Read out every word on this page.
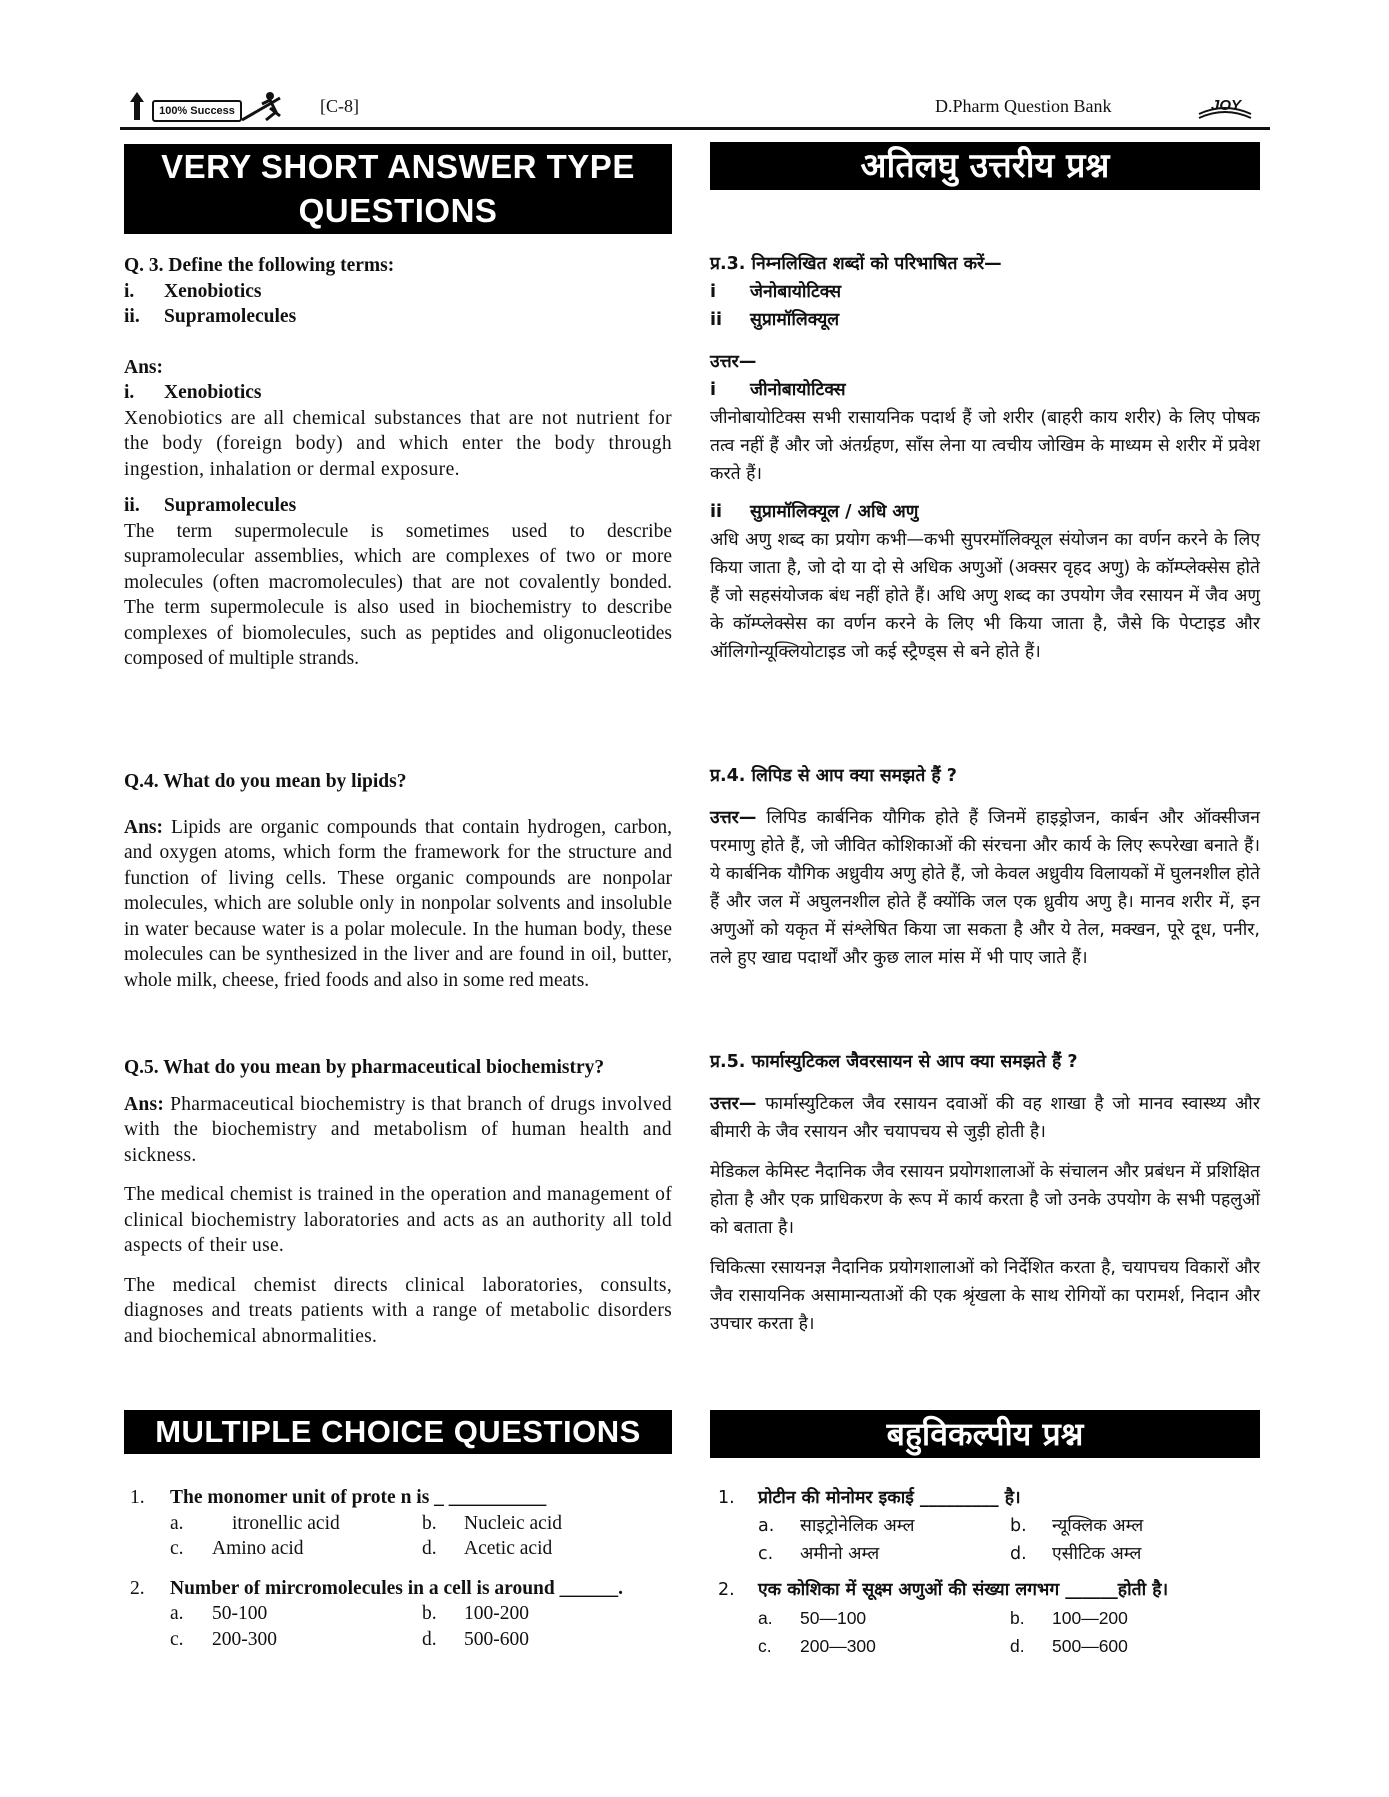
100% Success	[C-8]	D.Pharm Question Bank	JOY
VERY SHORT ANSWER TYPE
QUESTIONS

Q. 3. Define the following terms:

i.	Xenobiotics
ii.	Supramolecules

Ans:

i.	Xenobiotics

Xenobiotics are all chemical substances that are not nutrient for the body (foreign body) and which enter the body through ingestion, inhalation or dermal exposure.

ii.	Supramolecules

The term supermolecule is sometimes used to describe supramolecular assemblies, which are complexes of two or more molecules (often macromolecules) that are not covalently bonded. The term supermolecule is also used in biochemistry to describe complexes of biomolecules, such as peptides and oligonucleotides composed of multiple strands.

Q.4. What do you mean by lipids?

Ans: Lipids are organic compounds that contain hydrogen, carbon, and oxygen atoms, which form the framework for the structure and function of living cells. These organic compounds are nonpolar molecules, which are soluble only in nonpolar solvents and insoluble in water because water is a polar molecule. In the human body, these molecules can be synthesized in the liver and are found in oil, butter, whole milk, cheese, fried foods and also in some red meats.

Q.5. What do you mean by pharmaceutical biochemistry?

Ans: Pharmaceutical biochemistry is that branch of drugs involved with the biochemistry and metabolism of human health and sickness.

The medical chemist is trained in the operation and management of clinical biochemistry laboratories and acts as an authority all told aspects of their use.

The medical chemist directs clinical laboratories, consults, diagnoses and treats patients with a range of metabolic disorders and biochemical abnormalities.

MULTIPLE CHOICE QUESTIONS
1.	The monomer unit of prote n is _ __________
a.	itronellic acid	b.	Nucleic acid
c.	Amino acid	d.	Acetic acid
2.	Number of mircromolecules in a cell is around ______.
a.	50-100	b.	100-200
c.	200-300	d.	500-600
अतिलघु उत्तरीय प्रश्न

प्र.3. निम्नलिखित शब्दों को परिभाषित करें—

i	जेनोबायोटिक्स
ii	सुप्रामॉलिक्यूल

उत्तर—

i	जीनोबायोटिक्स

जीनोबायोटिक्स सभी रासायनिक पदार्थ हैं जो शरीर (बाहरी काय शरीर) के लिए पोषक तत्व नहीं हैं और जो अंतर्ग्रहण, साँस लेना या त्वचीय जोखिम के माध्यम से शरीर में प्रवेश करते हैं।

ii	सुप्रामॉलिक्यूल / अधि अणु

अधि अणु शब्द का प्रयोग कभी—कभी सुपरमॉलिक्यूल संयोजन का वर्णन करने के लिए किया जाता है, जो दो या दो से अधिक अणुओं (अक्सर वृहद अणु) के कॉम्प्लेक्सेस होते हैं जो सहसंयोजक बंध नहीं होते हैं। अधि अणु शब्द का उपयोग जैव रसायन में जैव अणु के कॉम्प्लेक्सेस का वर्णन करने के लिए भी किया जाता है, जैसे कि पेप्टाइड और ऑलिगोन्यूक्लियोटाइड जो कई स्ट्रैण्ड्स से बने होते हैं।

प्र.4. लिपिड से आप क्या समझते हैं ?

उत्तर— लिपिड कार्बनिक यौगिक होते हैं जिनमें हाइड्रोजन, कार्बन और ऑक्सीजन परमाणु होते हैं, जो जीवित कोशिकाओं की संरचना और कार्य के लिए रूपरेखा बनाते हैं। ये कार्बनिक यौगिक अध्रुवीय अणु होते हैं, जो केवल अध्रुवीय विलायकों में घुलनशील होते हैं और जल में अघुलनशील होते हैं क्योंकि जल एक ध्रुवीय अणु है। मानव शरीर में, इन अणुओं को यकृत में संश्लेषित किया जा सकता है और ये तेल, मक्खन, पूरे दूध, पनीर, तले हुए खाद्य पदार्थों और कुछ लाल मांस में भी पाए जाते हैं।

प्र.5. फार्मास्युटिकल जैवरसायन से आप क्या समझते हैं ?

उत्तर— फार्मास्युटिकल जैव रसायन दवाओं की वह शाखा है जो मानव स्वास्थ्य और बीमारी के जैव रसायन और चयापचय से जुड़ी होती है।

मेडिकल केमिस्ट नैदानिक जैव रसायन प्रयोगशालाओं के संचालन और प्रबंधन में प्रशिक्षित होता है और एक प्राधिकरण के रूप में कार्य करता है जो उनके उपयोग के सभी पहलुओं को बताता है।

चिकित्सा रसायनज्ञ नैदानिक प्रयोगशालाओं को निर्देशित करता है, चयापचय विकारों और जैव रासायनिक असामान्यताओं की एक श्रृंखला के साथ रोगियों का परामर्श, निदान और उपचार करता है।

बहुविकल्पीय प्रश्न
1.	प्रोटीन की मोनोमर इकाई _________ है।
a.	साइट्रोनेलिक अम्ल	b.	न्यूक्लिक अम्ल
c.	अमीनो अम्ल	d.	एसीटिक अम्ल
2.	एक कोशिका में सूक्ष्म अणुओं की संख्या लगभग ______होती है।
a.	50—100	b.	100—200
c.	200—300	d.	500—600
